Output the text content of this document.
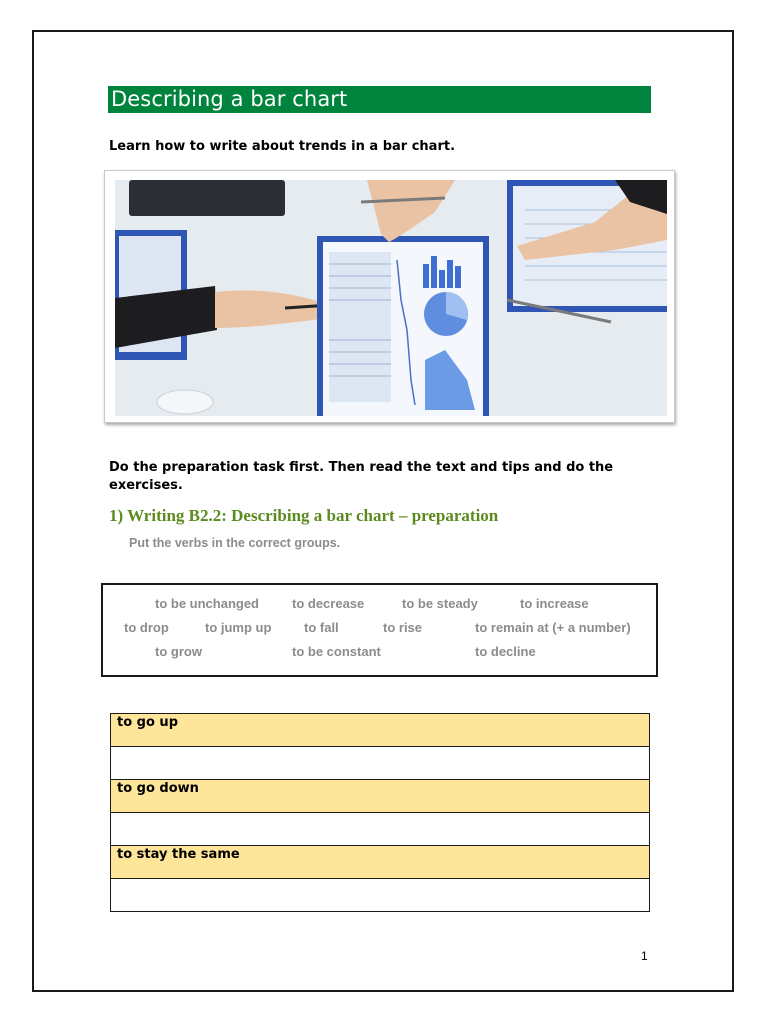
Describing a bar chart
Learn how to write about trends in a bar chart.
Do the preparation task first. Then read the text and tips and do the exercises.
1) Writing B2.2: Describing a bar chart – preparation
Put the verbs in the correct groups.
to be unchanged	to decrease	to be steady	to increase
to drop	to jump up	to fall	to rise	to remain at (+ a number)
to grow	to be constant	to decline
to go up

to go down

to stay the same

1
